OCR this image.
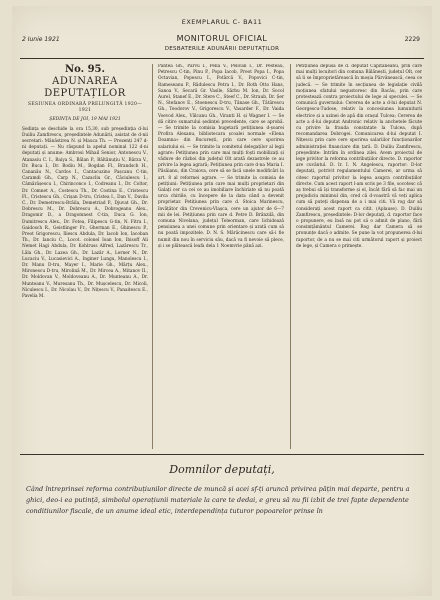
EXEMPLARUL C- BA11
2 Iunie 1921	MONITORUL OFICIAL
DESBATERILE ADUNĂRII DEPUTAȚILOR
2229
No. 95.
ADUNAREA DEPUTAȚILOR
SESIUNEA ORDINARĂ PRELUNGITĂ 1920—1921
ȘEDINȚA DE JOI, 19 MAI 1921
Ședința se deschide la ora 15,30, sub președinția d-lui Duiliu Zamfirescu, președintele Adunării, asistat de d-nii secretari: Mănăstirea N. și Mauca Th. — Prezenți 247 d-ni deputați. — Nu răspund la apelul nominal 122 d-ni deputați și anume: Ambrosi Mihail Senior, Antonescu V., Atanasiu C. I., Baiya S., Bălan P., Băltănuțiu V., Bârza V., Dr. Buca I., Dr. Bodiu M., Bogdan Fl., Brandsch H., Cananău N., Cardos I., Cantacuzino Pașcanu C-tin, Caramdi Gh., Carp N., Cazacliu Gr., Căciulescu I., Cămărășescu I., Chirinconco I., Codreanu I., Dr. Coltor, Dr. Comnet A., Costescu Th., Dr. Costina E., Cristescu Fl., Cristescu Gh., Crișan D-tru, Cristea I., Dan V., Davila C., Dr. Demetrescu-Brăila, Demetriad P., Djuvat Gh., Dr. Dobrescu M., Dr. Dobrescu A., Dobrogeanu Alex., Dragomir D., a Dragomnest C-tin, Duca G. Ion, Dumitrescu Alex., Dr. Fotea, Filipescu G-tin, N. Fitra I., Gaidosch R., Geistlinger Fr., Gherman E., Ghinescu P., Preot Grigorescu, Iliescu Abdula, Dr. Iacob Ion, Iacoban Th., Dr. Ianciu C., Locot. colonel Ioan Ion, Ibisoff Ali Nemet Hagi Abdula, Dr. Kohlruss Alfred, Lazărescu Tr., Lăla Gh., Dr. Lazea Gh., Dr. Lazăr A., Lerner N., Dr. Lucaciu V., Lucasievici A., Inginer Lungu, Manolescu I., Dr. Manu D-tru, Mayer I., Marie Gh., Mârțu Alex., Mironescu D-tru, Mirolină M., Dr. Mircea A., Mitanov II., Dr. Moldovan V., Moldoveanu A., Dr. Munteanu A., Dr. Munteanu V., Muresanu Th., Dr. Mușcelescu, Dr. Micoli, Niculescu I., Dr. Nicolau V., Dr. Nițescu V., Panaitescu E., Pavelia M.
Pântea Gh., Pârvu I., Pella V., Pelivan I., Dr. Pesteau, Petrescu C-tin, Pinu P., Popa Iacob, Preot Popa I., Popa Octavian, Popescu I., Potârcă V., Popovici C-tin, Rameseanu P., Rădulescu Petra I., Dr. Roth Otto Hans, Sanoa V., Secară Gr. Vasile, Sârbu M. Ion, Dr. Socol Aurel, Stanef E., Dr. Stere C., Steef C., Dr. Straub, Dr. Șer N., Stefanov E., Stoenescu D-tru, Tănase Gh., Tătărescu Gh., Teodorov V., Grigorescu V., Vasarder F., Dr. Vaida Voevod Alex., Vălcanu Gh., Viranti H. și Wagner I. — Se dă citire sumarului ședinței precedente, care se aprobă. — Se trimite la comisia bugetară petițiunea d-șoarei Profira Alexanu, bibliotecara școalei normale «Elena Doamna» din București, prin care cere sporirea salariului ei. — Se trimite la comitetul delegaților al legii agrare: Petițiunea prin care mai mulți foști mobilizați și văduve de război din județul Olt arată dezastrele ce au privire la legea agrară; Petițiunea prin care d-na Maria I. Păsăianu, din Craiova, cere să se facă unele modificări la art. 8 al reformei agrare. — Se trimite la comisia de petițiuni: Petițiunea prin care mai mulți proprietari din Galați cer ca cei ce au imobiliare închiriate să nu poată urca chiriile, cu începere de la data când a devenit proprietar. Petițiunea prin care d. Stoica Marinescu, învățător din Crevenicu-Vlașca, cere un ajutor de 6—7 mii de lei. Petițiunea prin care d. Petre D. Brânzilă, din comuna Nivelana, județul Teleorman, care lichidează pensiunea a unei comune prin orientare și arată cum să nu poată impozitele. D. N. S. Mărăcinescu care să-i fie numit din nou în serviciu său, dacă va fi nevoie să plece, și i se plătească leafa dela 1 Noemvrie până azi.
Petițiunea depusă de d. deputat Căpitaneanu, prin care mai mulți locuitori din comuna Bălănești, județul Olt, cer să li se împroprietărească în moșia Părvănească, ceea ce judecă. — Se trimite în secțiunea de legislație civilă moțiunea sfatului negustoresc din Bacău, prin care protestează contra proiectului de lege al speculei. — Se comunică guvernului: Cererea de acte a d-lui deputat N. Georgescu-Tudose, relativ la concesiunea lumuniturii electrice și a uzinei de apă din orașul Tulcea; Cererea de acte a d-lui deputat Andronic relativ la anchetele făcute cu privire la frauda constatate la Tulcea, după recomandarea Dobrogei. Comunicarea d-lui deputat I. Nițescu prin care cere sporirea salariilor funcționarilor administrației financiare din țară. D. Duiliu Zamfirescu, președinte: Intrăm în ordinea zilei. Avem proiectul de lege privitor la reforma contribuțiilor directe. D. raportor are cuvântul. D. Ir. I. N. Angelescu, raportor: D-lor deputați, potrivit regulamentului Camerei, ar urma să citesc raportul privitor la legea asupra contribuțiilor directe. Cum acest raport l-am scris pe 3 file, socotesc că aș trebui să își transforme și el, încât fără să fac mai un prejudiciu minimul din, cred că d-voastră vă veți aplica cum să puteți dispensa de a i mai citi. Vă rog dar să considerați acest raport ca citit. (Aplause). D. Duiliu Zamfirescu, președintele: D-lor deputați, d. raportor face o propunere, eu însă nu pot să o admit de plano, fără consimțământul Camerei. Rog dar Camera să se pronunțe dacă o admite. Se pune la vot propunerea d-lui raportor, de a nu se mai citi următorul raport și proiect de lege, și Camera o primește.
Domnilor deputați,
Când întreprinsei reforma contribuțiunilor directe de muncă și acei sf-ți aruncă privirea pățin mai departe, pentru a ghici, deo-i ea putință, simbolul operațiunii materiale la care te dedai, e greu să nu fii izbit de trei fapte dependente conditiunilor fiscale, de un anume ideal etic, interdependința tuturor popoarelor prinse în
